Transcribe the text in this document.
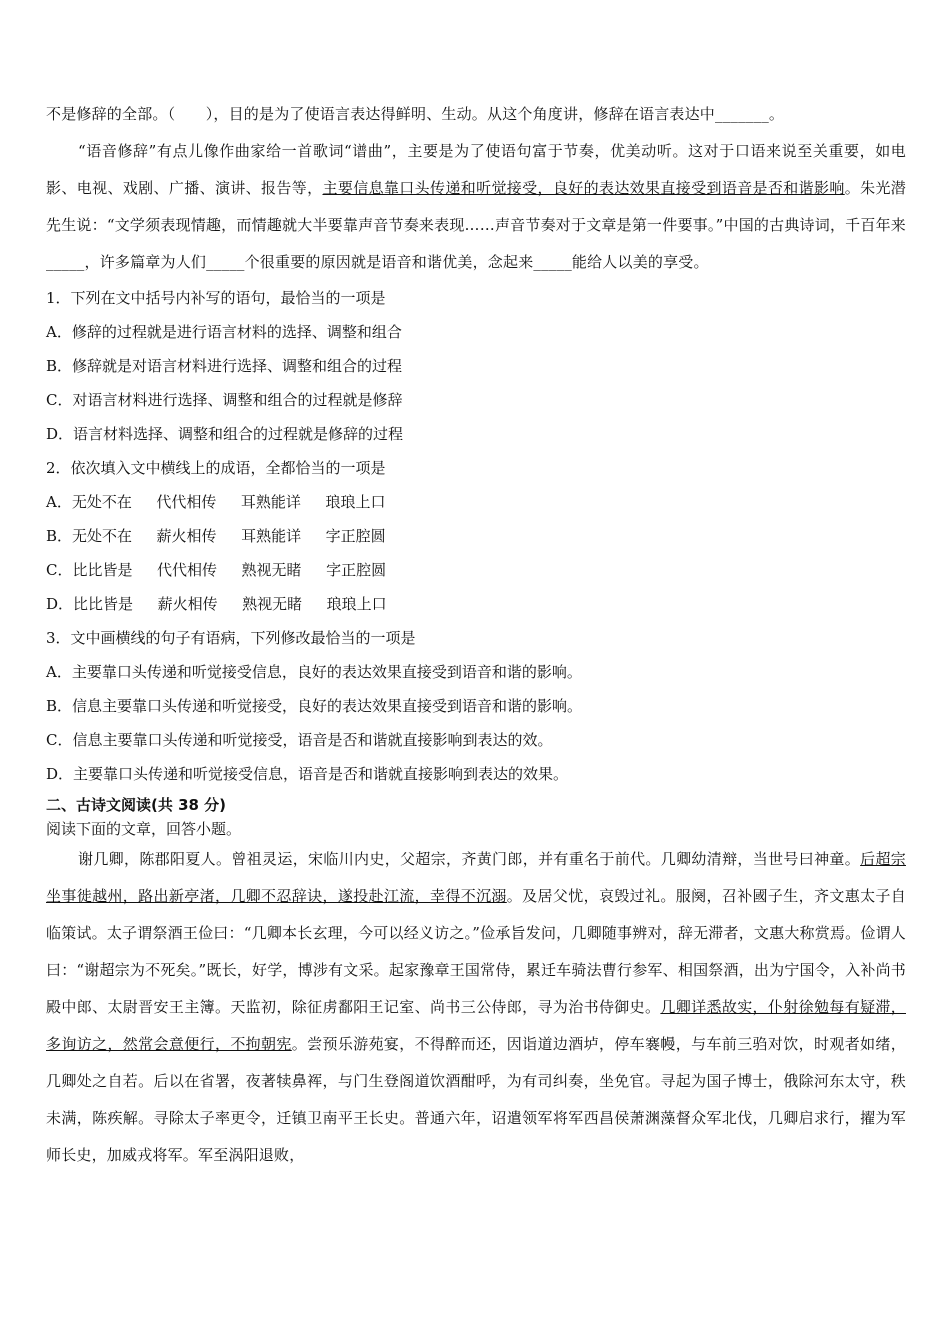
不是修辞的全部。（　　），目的是为了使语言表达得鲜明、生动。从这个角度讲，修辞在语言表达中_______。

“语音修辞”有点儿像作曲家给一首歌词“谱曲”，主要是为了使语句富于节奏，优美动听。这对于口语来说至关重要，如电影、电视、戏剧、广播、演讲、报告等，主要信息靠口头传递和听觉接受，良好的表达效果直接受到语音是否和谐影响。朱光潜先生说：“文学须表现情趣，而情趣就大半要靠声音节奏来表现……声音节奏对于文章是第一件要事。”中国的古典诗词，千百年来_____，许多篇章为人们_____个很重要的原因就是语音和谐优美，念起来_____能给人以美的享受。

1．下列在文中括号内补写的语句，最恰当的一项是

A．修辞的过程就是进行语言材料的选择、调整和组合

B．修辞就是对语言材料进行选择、调整和组合的过程

C．对语言材料进行选择、调整和组合的过程就是修辞

D．语言材料选择、调整和组合的过程就是修辞的过程

2．依次填入文中横线上的成语，全都恰当的一项是

A．无处不在　  代代相传　  耳熟能详　  琅琅上口

B．无处不在　  薪火相传　  耳熟能详　  字正腔圆

C．比比皆是　  代代相传　  熟视无睹　  字正腔圆

D．比比皆是　  薪火相传　  熟视无睹　  琅琅上口

3．文中画横线的句子有语病，下列修改最恰当的一项是

A．主要靠口头传递和听觉接受信息，良好的表达效果直接受到语音和谐的影响。

B．信息主要靠口头传递和听觉接受，良好的表达效果直接受到语音和谐的影响。

C．信息主要靠口头传递和听觉接受，语音是否和谐就直接影响到表达的效。

D．主要靠口头传递和听觉接受信息，语音是否和谐就直接影响到表达的效果。

二、古诗文阅读(共 38 分)

阅读下面的文章，回答小题。

谢几卿，陈郡阳夏人。曾祖灵运，宋临川内史，父超宗，齐黄门郎，并有重名于前代。几卿幼清辩，当世号曰神童。后超宗坐事徙越州，路出新亭渚，几卿不忍辞诀，遂投赴江流，幸得不沉溺。及居父忧，哀毁过礼。服阕，召补國子生，齐文惠太子自临策试。太子谓祭酒王俭曰：“几卿本长玄理，今可以经义访之。”俭承旨发问，几卿随事辨对，辞无滞者，文惠大称赏焉。俭谓人曰：“谢超宗为不死矣。”既长，好学，博涉有文采。起家豫章王国常侍，累迁车骑法曹行参军、相国祭酒，出为宁国令，入补尚书殿中郎、太尉晋安王主簿。天监初，除征虏鄱阳王记室、尚书三公侍郎，寻为治书侍御史。几卿详悉故实，仆射徐勉每有疑滞，多询访之，然常会意便行，不拘朝宪。尝预乐游苑宴，不得醉而还，因诣道边酒垆，停车褰幔，与车前三驺对饮，时观者如绪，几卿处之自若。后以在省署，夜著犊鼻裈，与门生登阁道饮酒酣呼，为有司纠奏，坐免官。寻起为国子博士，俄除河东太守，秩未满，陈疾解。寻除太子率更令，迁镇卫南平王长史。普通六年，诏遣领军将军西昌侯萧渊藻督众军北伐，几卿启求行，擢为军师长史，加威戎将军。军至涡阳退败，
